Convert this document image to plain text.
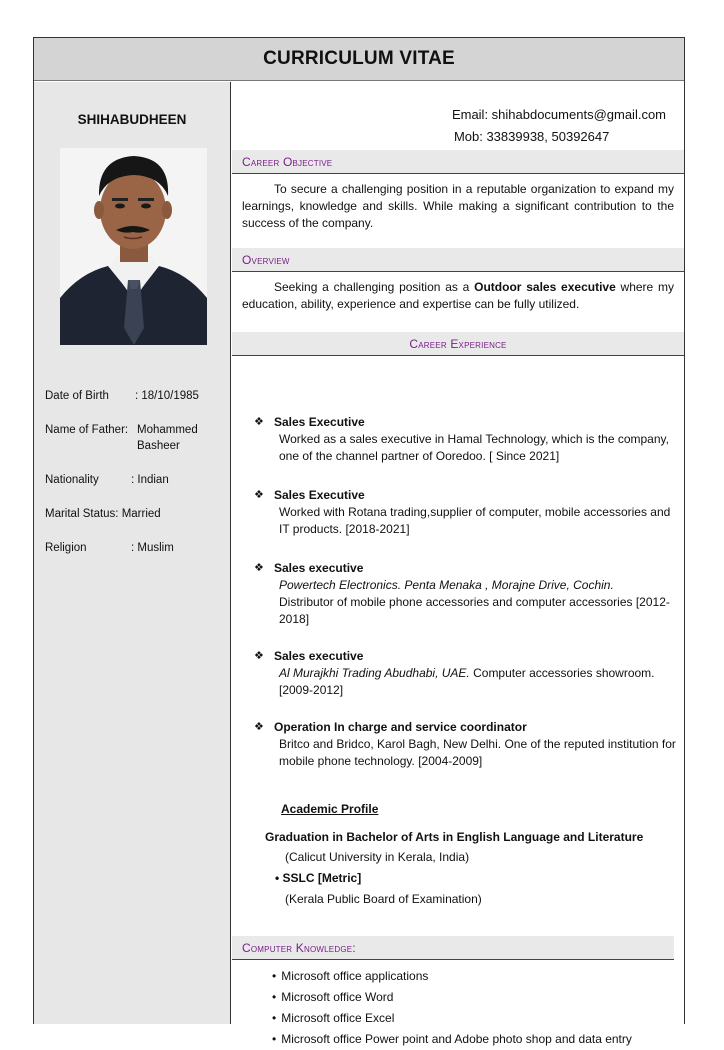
CURRICULUM VITAE
SHIHABUDHEEN
Date of Birth	: 18/10/1985
Name of Father: Mohammed Basheer
Nationality	: Indian
Marital Status:
Married
Religion	: Muslim
Email: shihabdocuments@gmail.com
Mob: 33839938, 50392647
Career Objective
To secure a challenging position in a reputable organization to expand my learnings, knowledge and skills. While making a significant contribution to the success of the company.
Overview
Seeking a challenging position as a Outdoor sales executive where my education, ability, experience and expertise can be fully utilized.
Career Experience
❖ Sales Executive
Worked as a sales executive in Hamal Technology, which is the company, one of the channel partner of Ooredoo. [ Since 2021]
❖ Sales Executive
Worked with Rotana trading,supplier of computer, mobile accessories and IT products. [2018-2021]
❖ Sales executive
Powertech Electronics. Penta Menaka , Morajne Drive, Cochin.
Distributor of mobile phone accessories and computer accessories [2012- 2018]
❖ Sales executive
Al Murajkhi Trading Abudhabi, UAE. Computer accessories showroom. [2009-2012]
❖ Operation In charge and service coordinator
Britco and Bridco, Karol Bagh, New Delhi. One of the reputed institution for mobile phone technology. [2004-2009]
Academic Profile
Graduation in Bachelor of Arts in English Language and Literature
(Calicut University in Kerala, India)
• SSLC [Metric]
(Kerala Public Board of Examination)
Computer Knowledge:
• Microsoft office applications
• Microsoft office Word
• Microsoft office Excel
• Microsoft office Power point and Adobe photo shop and data entry
